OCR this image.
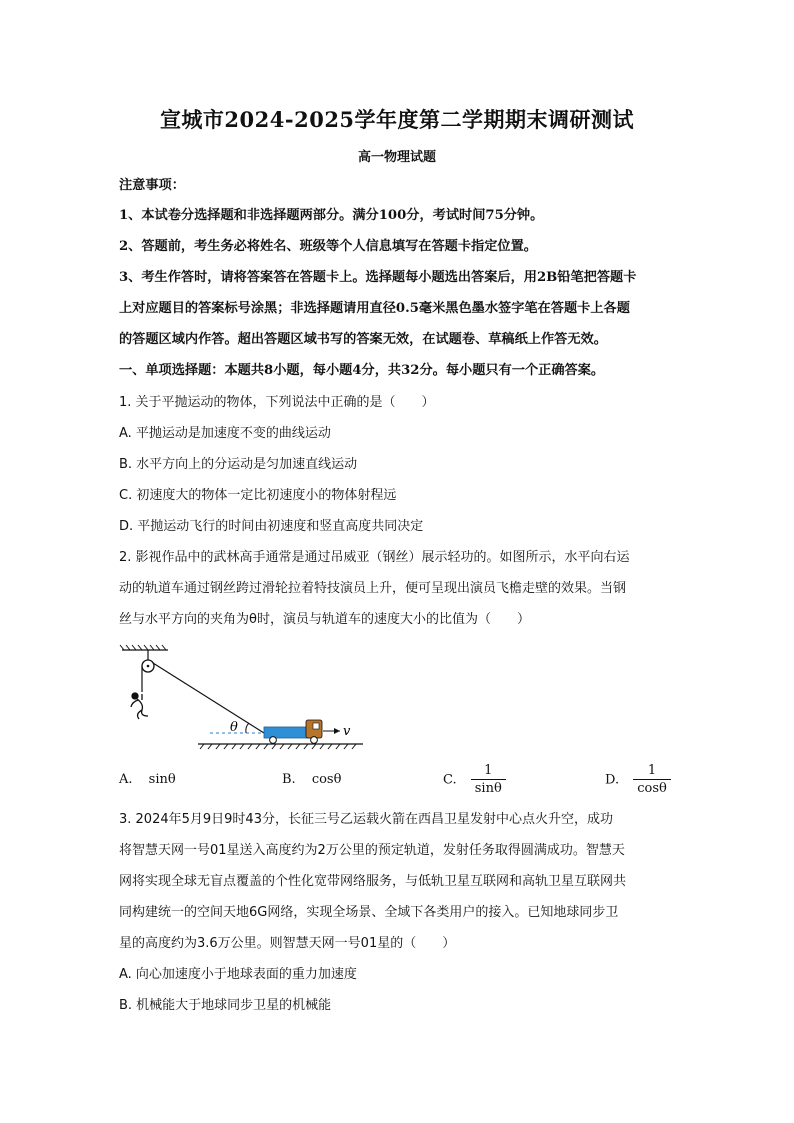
宣城市2024-2025学年度第二学期期末调研测试
高一物理试题
注意事项：
1、本试卷分选择题和非选择题两部分。满分100分，考试时间75分钟。
2、答题前，考生务必将姓名、班级等个人信息填写在答题卡指定位置。
3、考生作答时，请将答案答在答题卡上。选择题每小题选出答案后，用2B铅笔把答题卡
上对应题目的答案标号涂黑；非选择题请用直径0.5毫米黑色墨水签字笔在答题卡上各题
的答题区域内作答。超出答题区域书写的答案无效，在试题卷、草稿纸上作答无效。
一、单项选择题：本题共8小题，每小题4分，共32分。每小题只有一个正确答案。
1. 关于平抛运动的物体，下列说法中正确的是（　　）
A. 平抛运动是加速度不变的曲线运动
B. 水平方向上的分运动是匀加速直线运动
C. 初速度大的物体一定比初速度小的物体射程远
D. 平抛运动飞行的时间由初速度和竖直高度共同决定
2. 影视作品中的武林高手通常是通过吊威亚（钢丝）展示轻功的。如图所示，水平向右运
动的轨道车通过钢丝跨过滑轮拉着特技演员上升，便可呈现出演员飞檐走壁的效果。当钢
丝与水平方向的夹角为θ时，演员与轨道车的速度大小的比值为（　　）
θ	v
A. sinθ	B. cosθ	C. $\frac{1}{\sin\theta}$	D. $\frac{1}{\cos\theta}$
3. 2024年5月9日9时43分，长征三号乙运载火箭在西昌卫星发射中心点火升空，成功
将智慧天网一号01星送入高度约为2万公里的预定轨道，发射任务取得圆满成功。智慧天
网将实现全球无盲点覆盖的个性化宽带网络服务，与低轨卫星互联网和高轨卫星互联网共
同构建统一的空间天地6G网络，实现全场景、全域下各类用户的接入。已知地球同步卫
星的高度约为3.6万公里。则智慧天网一号01星的（　　）
A. 向心加速度小于地球表面的重力加速度
B. 机械能大于地球同步卫星的机械能
